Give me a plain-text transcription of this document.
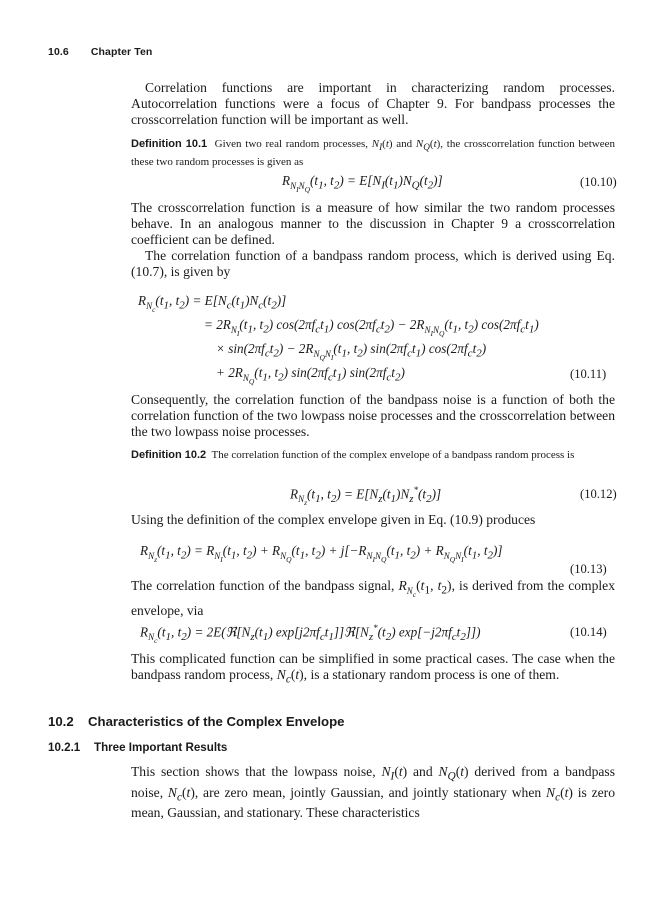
10.6 Chapter Ten

Correlation functions are important in characterizing random processes. Autocorrelation functions were a focus of Chapter 9. For bandpass processes the crosscorrelation function will be important as well.

Definition 10.1  Given two real random processes, $N_I(t)$ and $N_Q(t)$, the crosscorrelation function between these two random processes is given as

$R_{N_IN_Q}(t_1$, $t_2) = E[N_I(t_1)N_Q(t_2)]$	(10.10)

The crosscorrelation function is a measure of how similar the two random processes behave. In an analogous manner to the discussion in Chapter 9 a crosscorrelation coefficient can be defined.

The correlation function of a bandpass random process, which is derived using Eq. (10.7), is given by

$R_{N_c}(t_1$, $t_2) = E[N_c(t_1)N_c(t_2)]$

= $2R_{N_I}(t_1$, $t_2$) $\cos(2\pi f_ct_1) \cos(2\pi f_ct_2) - 2R_{N_IN_Q}(t_1$, $t_2$) $\cos(2\pi f_ct_1)$

× $\sin(2\pi f_ct_2) - 2R_{N_QN_I}(t_1$, $t_2$) $\sin(2\pi f_ct_1)$ $\cos(2\pi f_ct_2)$

+ $2R_{N_Q}(t_1$, $t_2$) $\sin(2\pi f_ct_1)$ $\sin(2\pi f_ct_2)$	(10.11)

Consequently, the correlation function of the bandpass noise is a function of both the correlation function of the two lowpass noise processes and the crosscorrelation between the two lowpass noise processes.

Definition 10.2  The correlation function of the complex envelope of a bandpass random process is

$R_{N_z}(t_1$, $t_2) = E[N_z(t_1)N_z^*(t_2)]$	(10.12)

Using the definition of the complex envelope given in Eq. (10.9) produces

$R_{N_z}(t_1$, $t_2) = R_{N_I}(t_1$, $t_2) + R_{N_Q}(t_1$, $t_2) + j[-R_{N_IN_Q}(t_1$, $t_2) + R_{N_QN_I}(t_1$, $t_2$)]

(10.13)

The correlation function of the bandpass signal, $R_{N_c}(t_1$, $t_2$), is derived from the complex envelope, via

$R_{N_c}(t_1$, $t_2$) = $2E(ℜ[N_z(t_1)$ $\exp[j2\pi f_ct_1]]ℜ[N_z^*(t_2)$ $\exp[-j2\pi f_ct_2]$])	(10.14)

This complicated function can be simplified in some practical cases. The case when the bandpass random process, $N_c(t)$, is a stationary random process is one of them.

10.2 Characteristics of the Complex Envelope

10.2.1 Three Important Results

This section shows that the lowpass noise, $N_I(t)$ and $N_Q(t)$ derived from a bandpass noise, $N_c(t)$, are zero mean, jointly Gaussian, and jointly stationary when $N_c(t)$ is zero mean, Gaussian, and stationary. These characteristics
